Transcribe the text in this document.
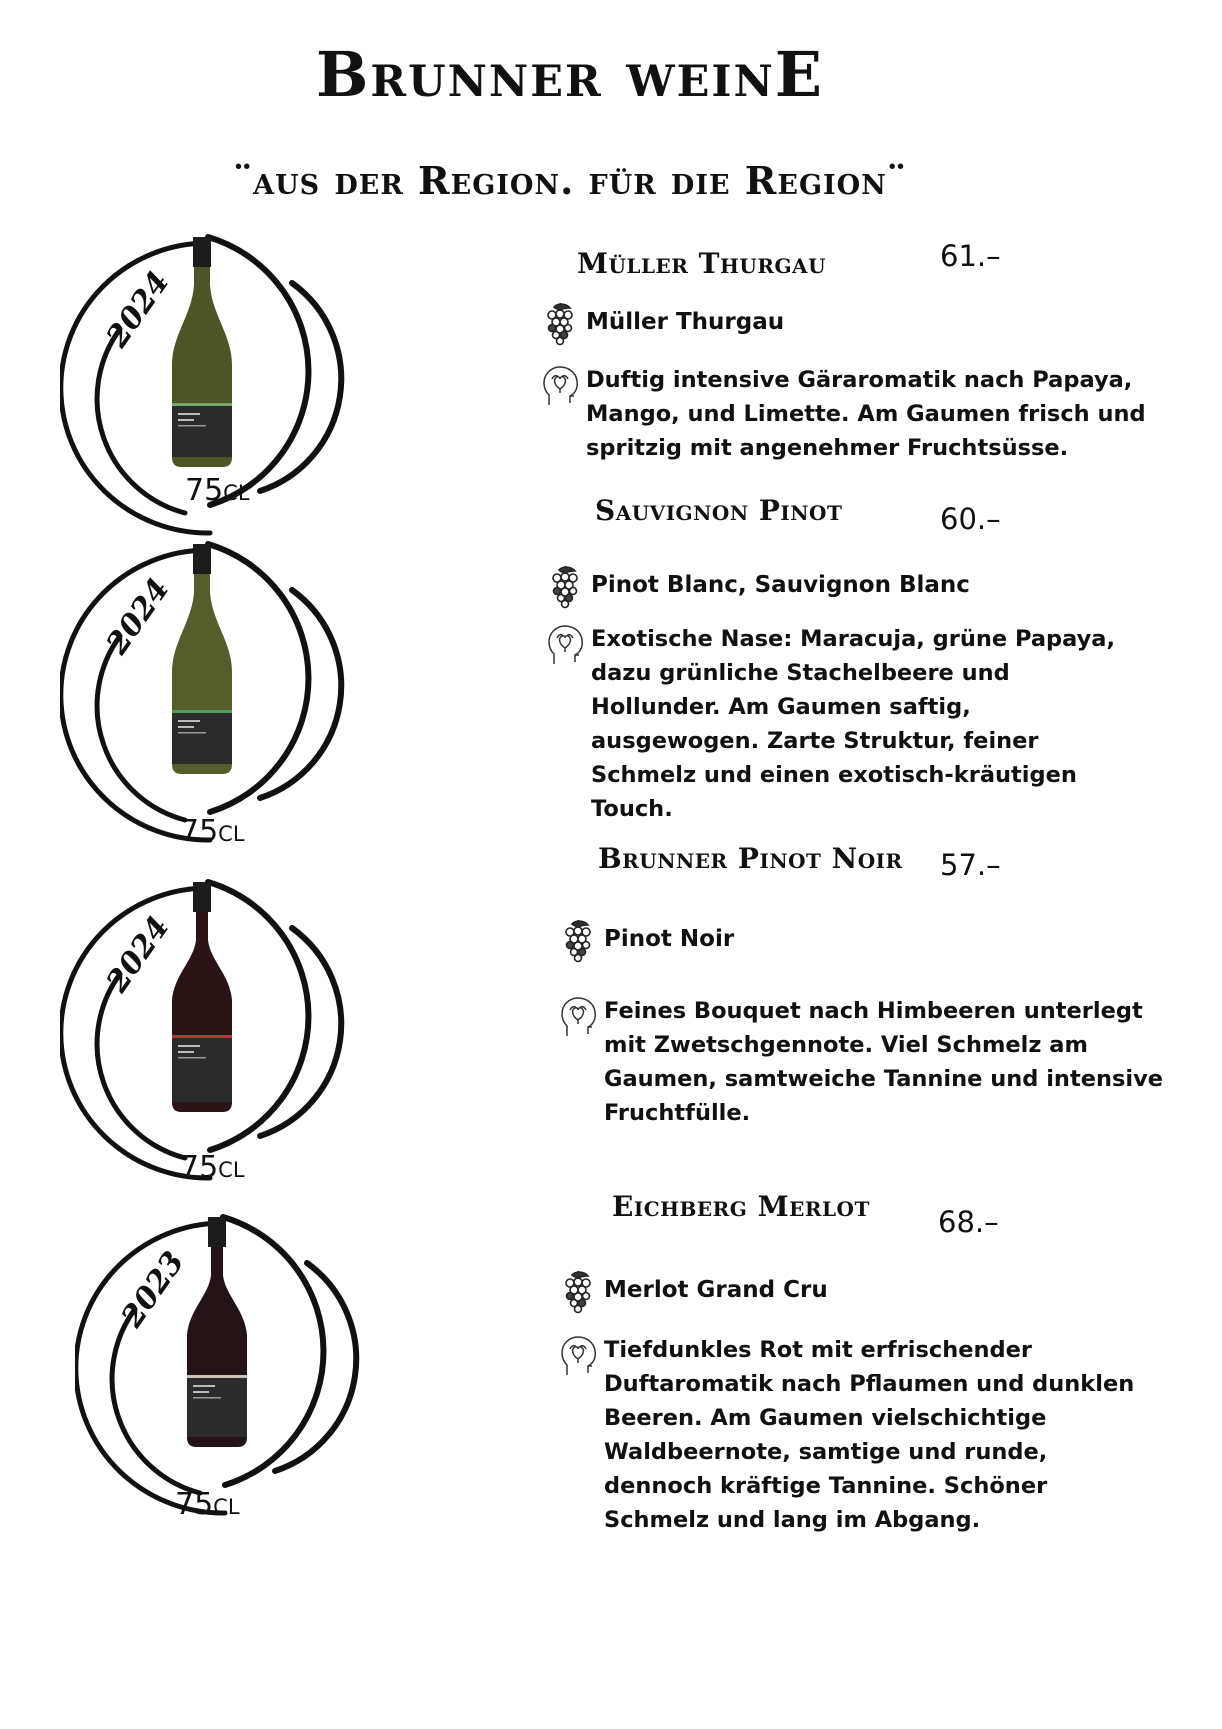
Brunner weinE
¨aus der Region. für die Region¨
2024
75cl
Müller Thurgau	61.–
Müller Thurgau
Duftig intensive Gäraromatik nach Papaya,
Mango, und Limette. Am Gaumen frisch und
spritzig mit angenehmer Fruchtsüsse.
2024
75cl
Sauvignon Pinot	60.–
Pinot Blanc, Sauvignon Blanc
Exotische Nase: Maracuja, grüne Papaya,
dazu grünliche Stachelbeere und
Hollunder. Am Gaumen saftig,
ausgewogen. Zarte Struktur, feiner
Schmelz und einen exotisch-kräutigen
Touch.
2024
75cl
Brunner Pinot Noir 57.–
Pinot Noir
Feines Bouquet nach Himbeeren unterlegt
mit Zwetschgennote. Viel Schmelz am
Gaumen, samtweiche Tannine und intensive
Fruchtfülle.
2023
75cl
Eichberg Merlot 68.–
Merlot Grand Cru
Tiefdunkles Rot mit erfrischender
Duftaromatik nach Pflaumen und dunklen
Beeren. Am Gaumen vielschichtige
Waldbeernote, samtige und runde,
dennoch kräftige Tannine. Schöner
Schmelz und lang im Abgang.
